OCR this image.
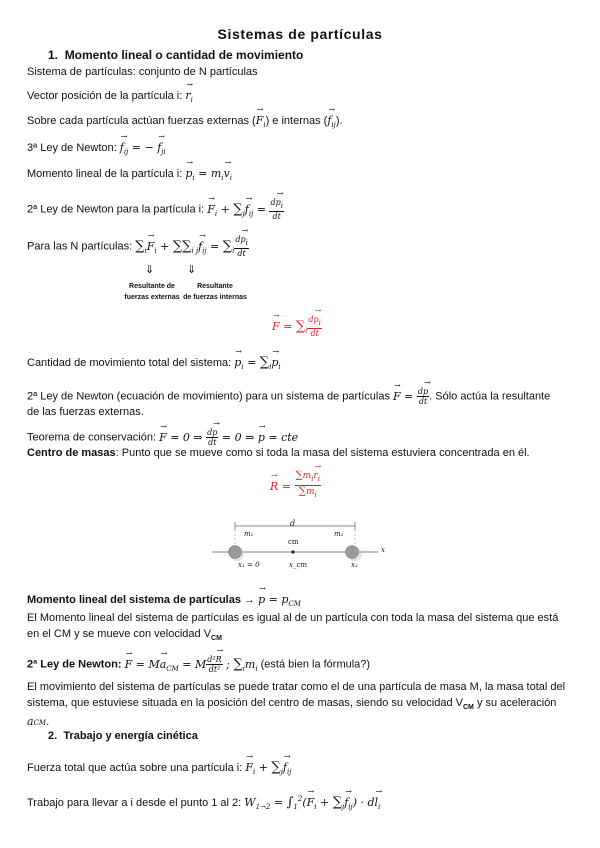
Sistemas de partículas
1. Momento lineal o cantidad de movimiento
Sistema de partículas: conjunto de N partículas
Vector posición de la partícula i: → $r_i$
Sobre cada partícula actúan fuerzas externas (→ $F_i$) e internas (→ $f_{ij}$).
3ª Ley de Newton: → $f_{ij}$ = − → $f_{ji}$
Momento lineal de la partícula i: → $p_i = m_i\to v_i$
2ª Ley de Newton para la partícula i: → $F_i + \sum_j\to f_{ij} = \frac{d\to pi}{dt}$
Para las N partículas: $\sum_i\to F_i + \sum\sum_{i j}\to f_{ij} = \sum_i \frac{d\to pi}{dt}$
⇓	⇓
Resultante de
fuerzas externas
Resultante
de fuerzas internas
→ $F = \sum_i \frac{d\to pi}{dt}$
Cantidad de movimiento total del sistema: → $p_i = \sum_i\to p_i$
2ª Ley de Newton (ecuación de movimiento) para un sistema de partículas → $F = \frac{d\to p}{dt}$ . Sólo actúa la resultante
de las fuerzas externas.
Teorema de conservación: → F = 0 ⇒ $\frac{d\to p}{dt} = 0$ ⇒ → p = cte
Centro de masas: Punto que se mueve como si toda la masa del sistema estuviera concentrada en él.
→ $R = \frac{\sum m_i\to r_i}{\sum m_i}$
d
m₁	m₂
cm
x
x₁ = 0	x_cm	x₂
Momento lineal del sistema de partículas → → $p = p_{CM}$
El Momento lineal del sistema de partículas es igual al de un partícula con toda la masa del sistema que está
en el CM y se mueve con velocidad $V_{CM}$
2ª Ley de Newton: → $F = M\to a_{CM} = M \frac{\text{d²→ R}}{\text{dt²}}$ ; $\sum_im_i$ (está bien la fórmula?)
El movimiento del sistema de partículas se puede tratar como el de una partícula de masa M, la masa total del
sistema, que estuviese situada en la posición del centro de masas, siendo su velocidad $V_{CM}$ y su aceleración
aCM.
2. Trabajo y energía cinética
Fuerza total que actúa sobre una partícula i: → $F_i + \sum_j\to f_{ij}$
Trabajo para llevar a i desde el punto 1 al 2: $W_{1\to 2} = \int_1^2(\to F_i + \sum_j\to f_{ij}) \cdot d\to l_i$
